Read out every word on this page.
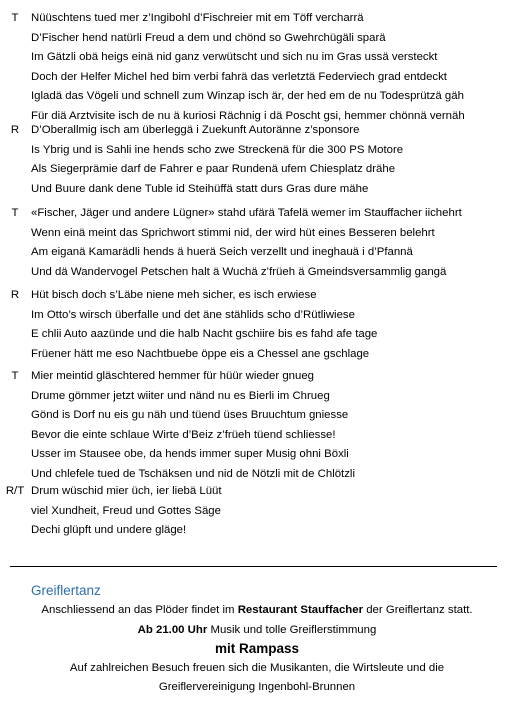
T	Nüüschtens tued mer z’Ingibohl d’Fischreier mit em Töff vercharrä
D’Fischer hend natürli Freud a dem und chönd so Gwehrchügäli sparä
Im Gätzli obä heigs einä nid ganz verwütscht und sich nu im Gras ussä versteckt
Doch der Helfer Michel hed bim verbi fahrä das verletztä Federviech grad entdeckt
Igladä das Vögeli und schnell zum Winzap isch är, der hed em de nu Todesprützä gäh
Für diä Arztvisite isch de nu ä kuriosi Rächnig i dä Poscht gsi, hemmer chönnä vernäh
R	D’Oberallmig isch am überleggä i Zuekunft Autorännе z’sponsore
Is Ybrig und is Sahli ine hends scho zwe Streckenä für die 300 PS Motore
Als Siegerprämie darf de Fahrer e paar Rundenä ufem Chiesplatz drähe
Und Buure dank dene Tuble id Steihüffä statt durs Gras dure mähe
T	«Fischer, Jäger und andere Lügner» stahd ufärä Tafelä wemer im Stauffacher iichehrt
Wenn einä meint das Sprichwort stimmi nid, der wird hüt eines Besseren belehrt
Am eiganä Kamarädli hends ä huerä Seich verzellt und ineghauä i d’Pfannä
Und dä Wandervogel Petschen halt ä Wuchä z’früeh ä Gmeindsversammlig gangä
R	Hüt bisch doch s’Läbe niene meh sicher, es isch erwiese
Im Otto’s wirsch überfalle und det äne stählids scho d’Rütliwiese
E chlii Auto aazünde und die halb Nacht gschiire bis es fahd afe tage
Früener hätt me eso Nachtbuebe öppe eis a Chessel ane gschlage
T	Mier meintid gläschtered hemmer für hüür wieder gnueg
Drume gömmer jetzt wiiter und nänd nu es Bierli im Chrueg
Gönd is Dorf nu eis gu näh und tüend üses Bruuchtum gniesse
Bevor die einte schlaue Wirte d’Beiz z’früeh tüend schliesse!
Usser im Stausee obe, da hends immer super Musig ohni Böxli
Und chlefele tued de Tschäksen und nid de Nötzli mit de Chlötzli
R/T Drum wüschid mier üch, ier liebä Lüüt
viel Xundheit, Freud und Gottes Säge
Dechi glüpft und undere gläge!
Greiflertanz
Anschliessend an das Plöder findet im Restaurant Stauffacher der Greiflertanz statt.
Ab 21.00 Uhr Musik und tolle Greiflerstimmung
mit Rampass
Auf zahlreichen Besuch freuen sich die Musikanten, die Wirtsleute und die
Greiflervereinigung Ingenbohl-Brunnen
